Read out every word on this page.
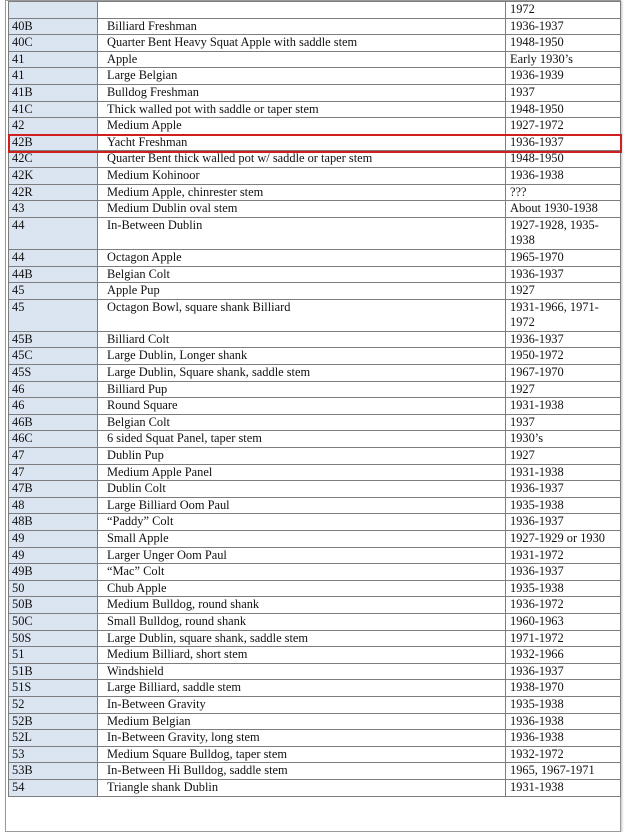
		1972
40B	Billiard Freshman	1936-1937
40C	Quarter Bent Heavy Squat Apple with saddle stem	1948-1950
41	Apple	Early 1930’s
41	Large Belgian	1936-1939
41B	Bulldog Freshman	1937
41C	Thick walled pot with saddle or taper stem	1948-1950
42	Medium Apple	1927-1972
42B	Yacht Freshman	1936-1937
42C	Quarter Bent thick walled pot w/ saddle or taper stem	1948-1950
42K	Medium Kohinoor	1936-1938
42R	Medium Apple, chinrester stem	???
43	Medium Dublin oval stem	About 1930-1938
44	In-Between Dublin	1927-1928, 1935-1938
44	Octagon Apple	1965-1970
44B	Belgian Colt	1936-1937
45	Apple Pup	1927
45	Octagon Bowl, square shank Billiard	1931-1966, 1971-1972
45B	Billiard Colt	1936-1937
45C	Large Dublin, Longer shank	1950-1972
45S	Large Dublin, Square shank, saddle stem	1967-1970
46	Billiard Pup	1927
46	Round Square	1931-1938
46B	Belgian Colt	1937
46C	6 sided Squat Panel, taper stem	1930’s
47	Dublin Pup	1927
47	Medium Apple Panel	1931-1938
47B	Dublin Colt	1936-1937
48	Large Billiard Oom Paul	1935-1938
48B	“Paddy” Colt	1936-1937
49	Small Apple	1927-1929 or 1930
49	Larger Unger Oom Paul	1931-1972
49B	“Mac” Colt	1936-1937
50	Chub Apple	1935-1938
50B	Medium Bulldog, round shank	1936-1972
50C	Small Bulldog, round shank	1960-1963
50S	Large Dublin, square shank, saddle stem	1971-1972
51	Medium Billiard, short stem	1932-1966
51B	Windshield	1936-1937
51S	Large Billiard, saddle stem	1938-1970
52	In-Between Gravity	1935-1938
52B	Medium Belgian	1936-1938
52L	In-Between Gravity, long stem	1936-1938
53	Medium Square Bulldog, taper stem	1932-1972
53B	In-Between Hi Bulldog, saddle stem	1965, 1967-1971
54	Triangle shank Dublin	1931-1938
